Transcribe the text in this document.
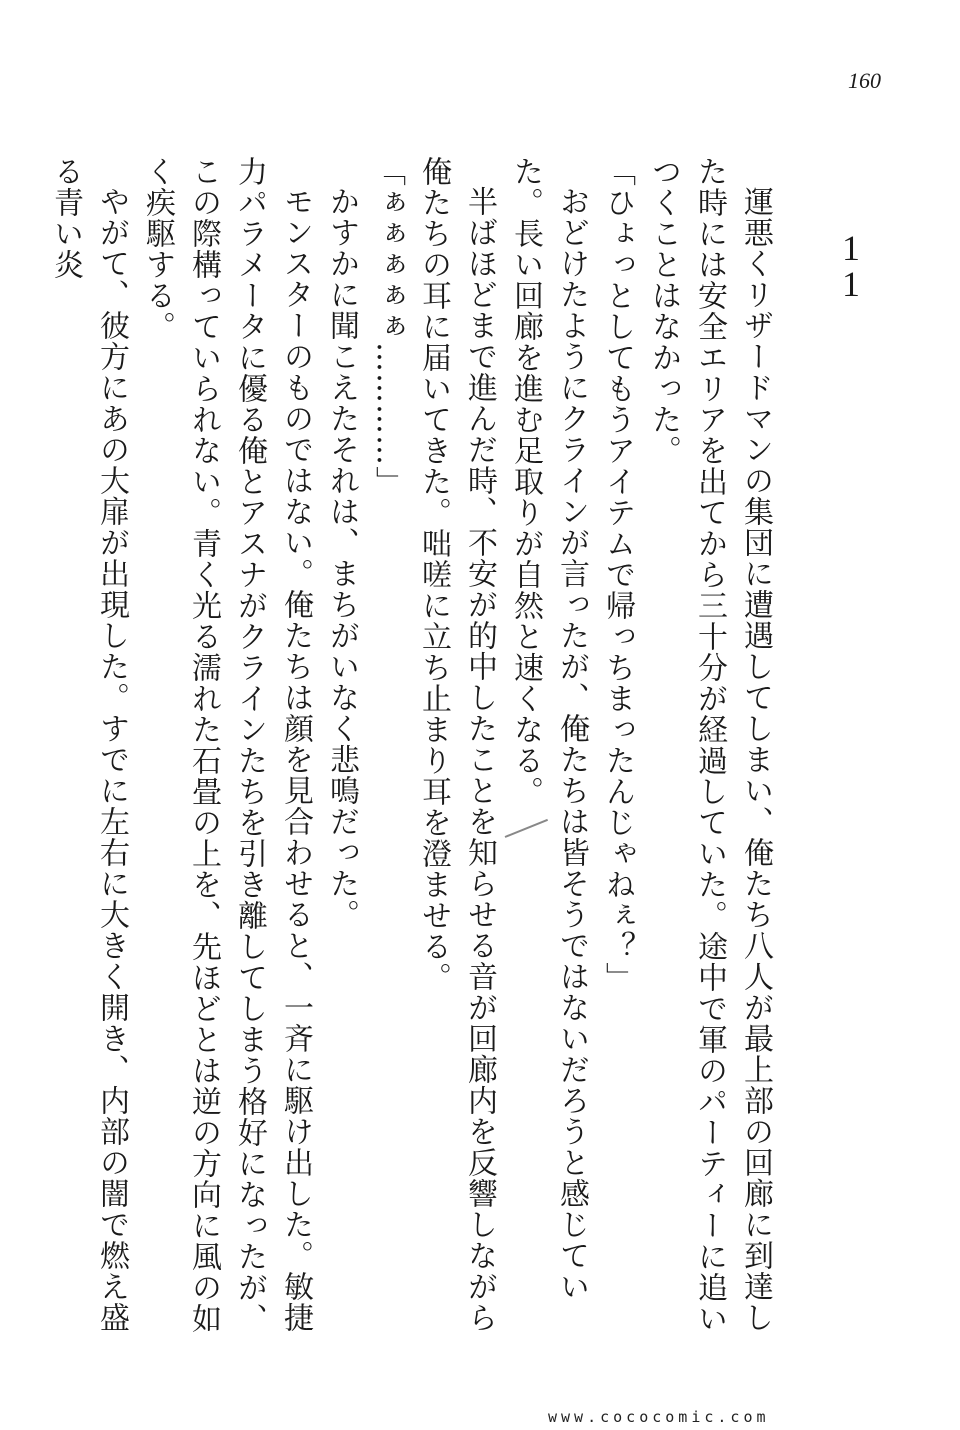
160
11

運悪くリザードマンの集団に遭遇してしまい、俺たち八人が最上部の回廊に到達した時には安全エリアを出てから三十分が経過していた。途中で軍のパーティーに追いつくことはなかった。

「ひょっとしてもうアイテムで帰っちまったんじゃねぇ？」

おどけたようにクラインが言ったが、俺たちは皆そうではないだろうと感じていた。長い回廊を進む足取りが自然と速くなる。

半ばほどまで進んだ時、不安が的中したことを知らせる音が回廊内を反響しながら俺たちの耳に届いてきた。咄嗟に立ち止まり耳を澄ませる。

「ぁぁぁぁぁ…………」

かすかに聞こえたそれは、まちがいなく悲鳴だった。

モンスターのものではない。俺たちは顔を見合わせると、一斉に駆け出した。敏捷力パラメータに優る俺とアスナがクラインたちを引き離してしまう格好になったが、この際構っていられない。青く光る濡れた石畳の上を、先ほどとは逆の方向に風の如く疾駆する。

やがて、彼方にあの大扉が出現した。すでに左右に大きく開き、内部の闇で燃え盛る青い炎

www.cococomic.com
